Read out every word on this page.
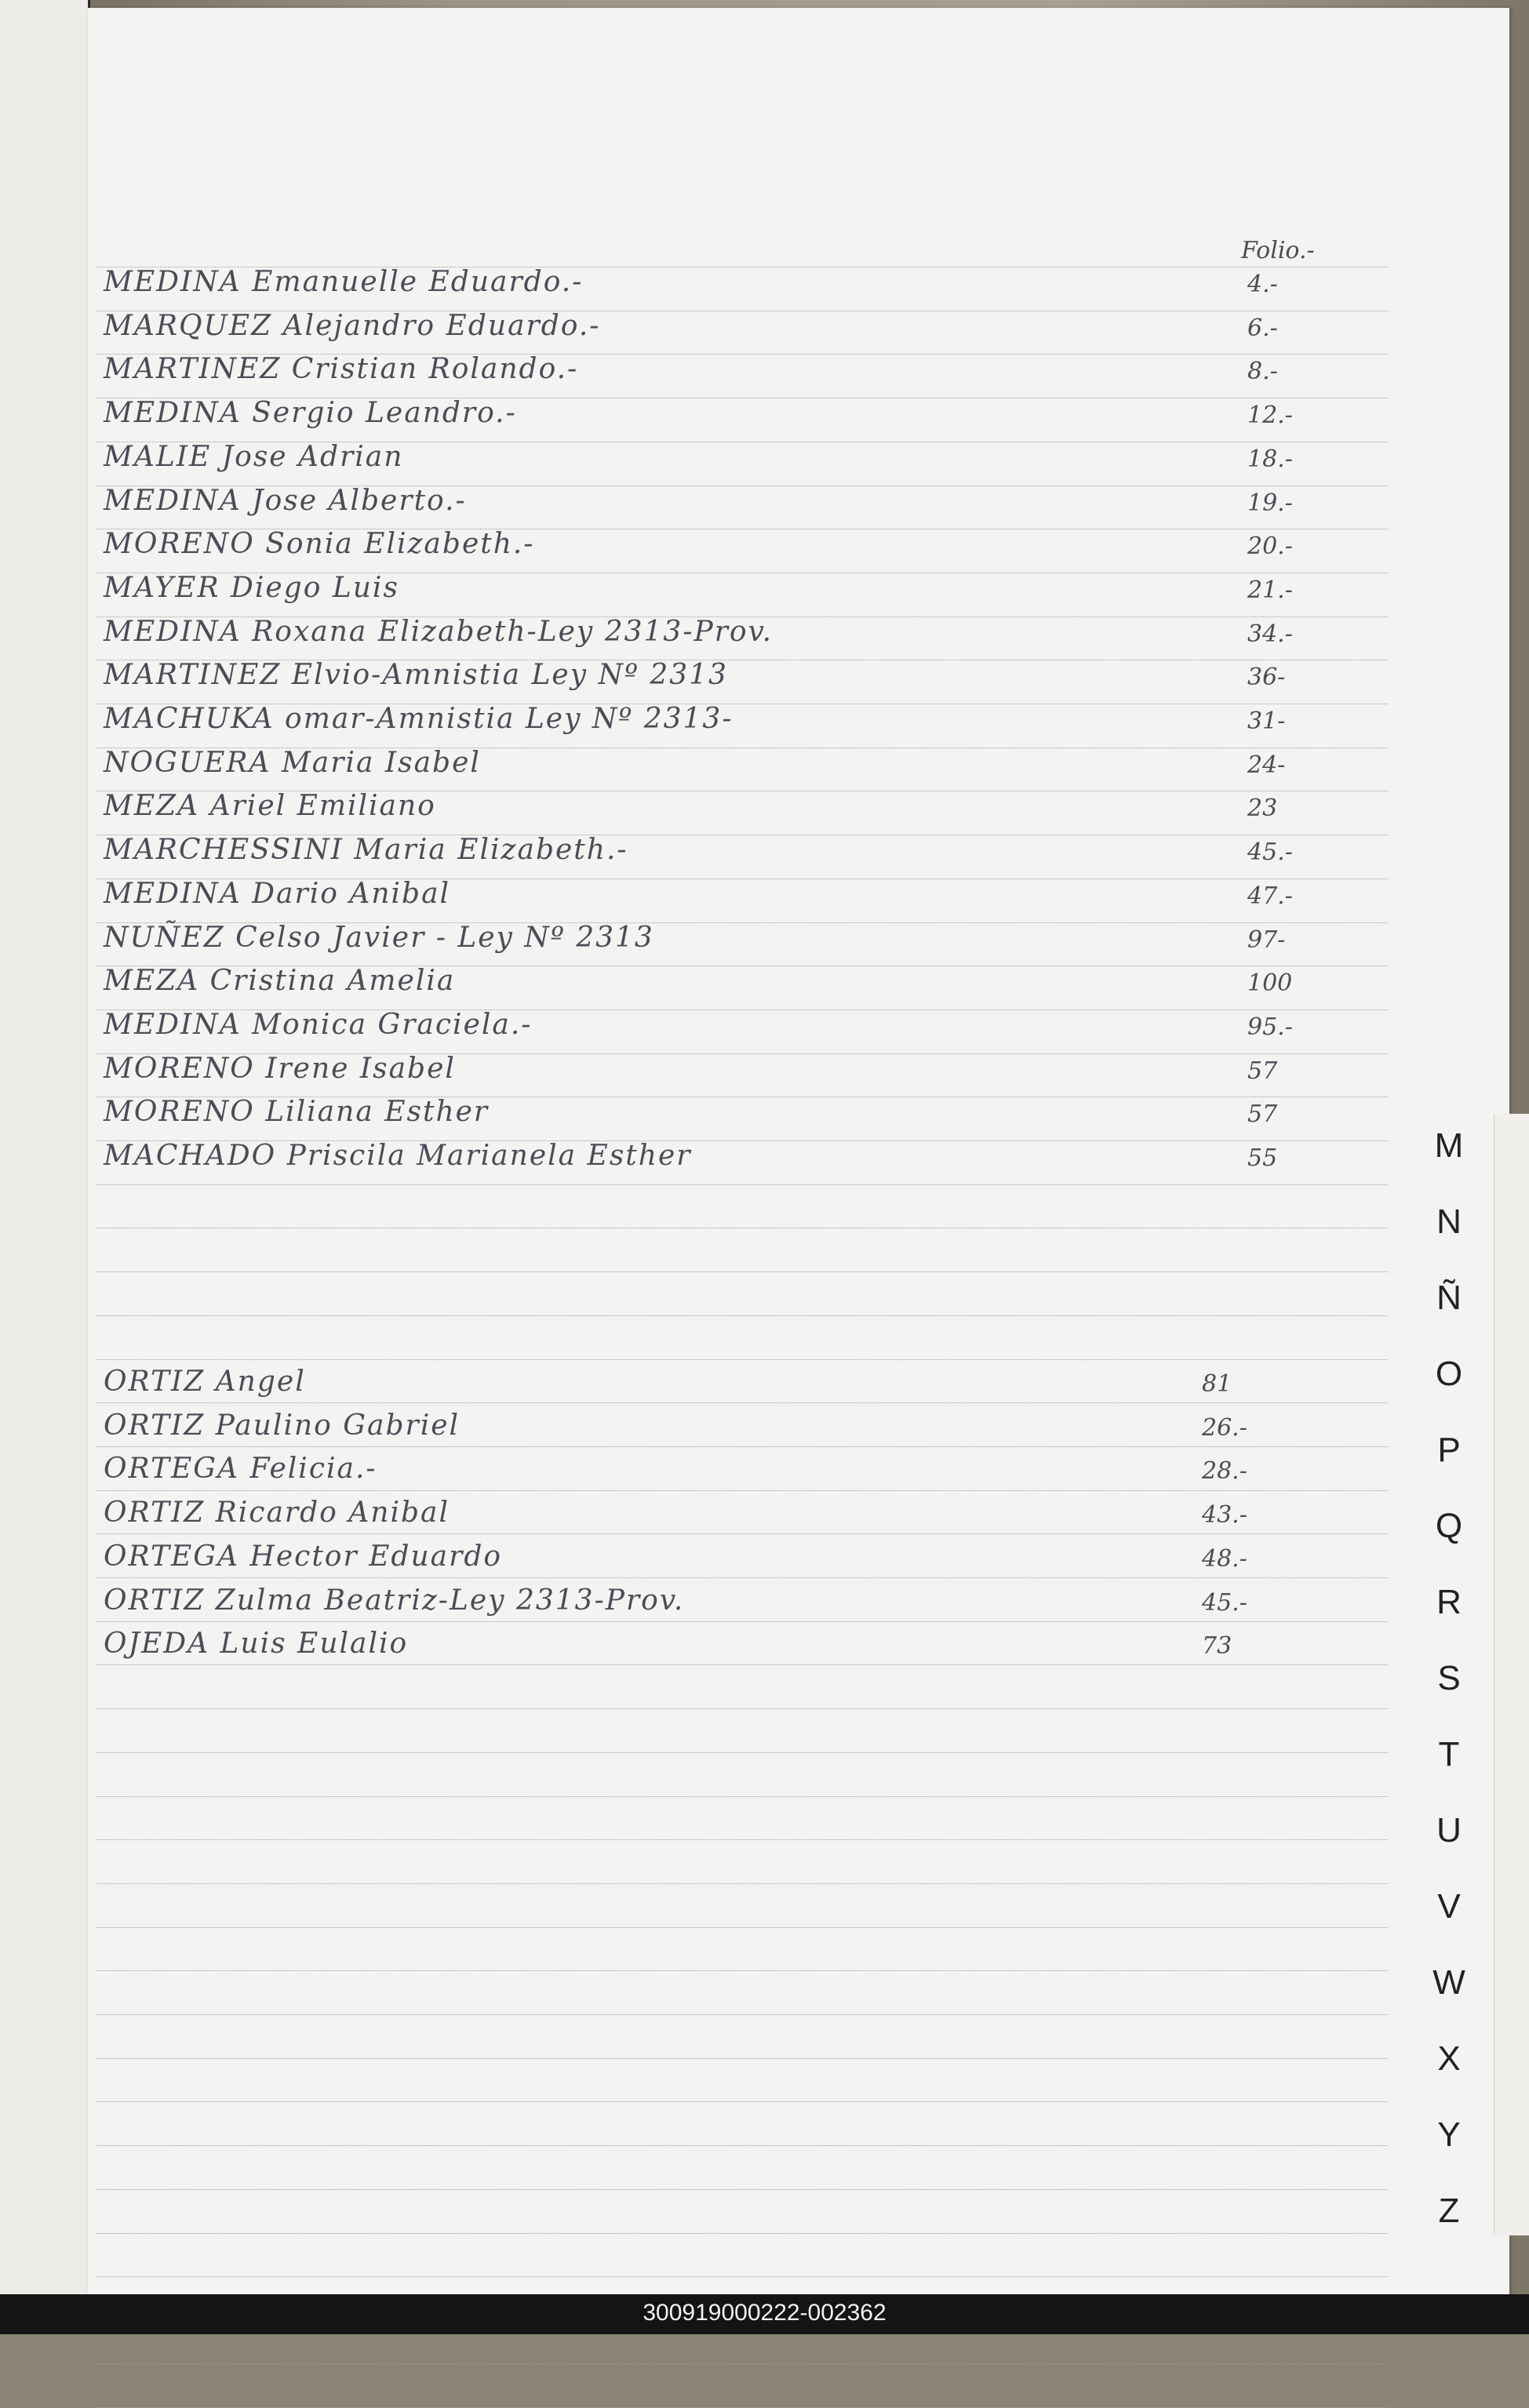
Folio.-
MEDINA Emanuelle Eduardo.-	4.-
MARQUEZ Alejandro Eduardo.-	6.-
MARTINEZ Cristian Rolando.-	8.-
MEDINA Sergio Leandro.-	12.-
MALIE Jose Adrian	18.-
MEDINA Jose Alberto.-	19.-
MORENO Sonia Elizabeth.-	20.-
MAYER Diego Luis	21.-
MEDINA Roxana Elizabeth-Ley 2313-Prov.	34.-
MARTINEZ Elvio-Amnistia Ley Nº 2313	36-
MACHUKA omar-Amnistia Ley Nº 2313-	31-
NOGUERA Maria Isabel	24-
MEZA Ariel Emiliano	23
MARCHESSINI Maria Elizabeth.-	45.-
MEDINA Dario Anibal	47.-
NUÑEZ Celso Javier - Ley Nº 2313	97-
MEZA Cristina Amelia	100
MEDINA Monica Graciela.-	95.-
MORENO Irene Isabel	57
MORENO Liliana Esther	57
MACHADO Priscila Marianela Esther	55
ORTIZ Angel	81
ORTIZ Paulino Gabriel	26.-
ORTEGA Felicia.-	28.-
ORTIZ Ricardo Anibal	43.-
ORTEGA Hector Eduardo	48.-
ORTIZ Zulma Beatriz-Ley 2313-Prov.	45.-
OJEDA Luis Eulalio	73
M
N
Ñ
O
P
Q
R
S
T
U
V
W
X
Y
Z
300919000222-002362
